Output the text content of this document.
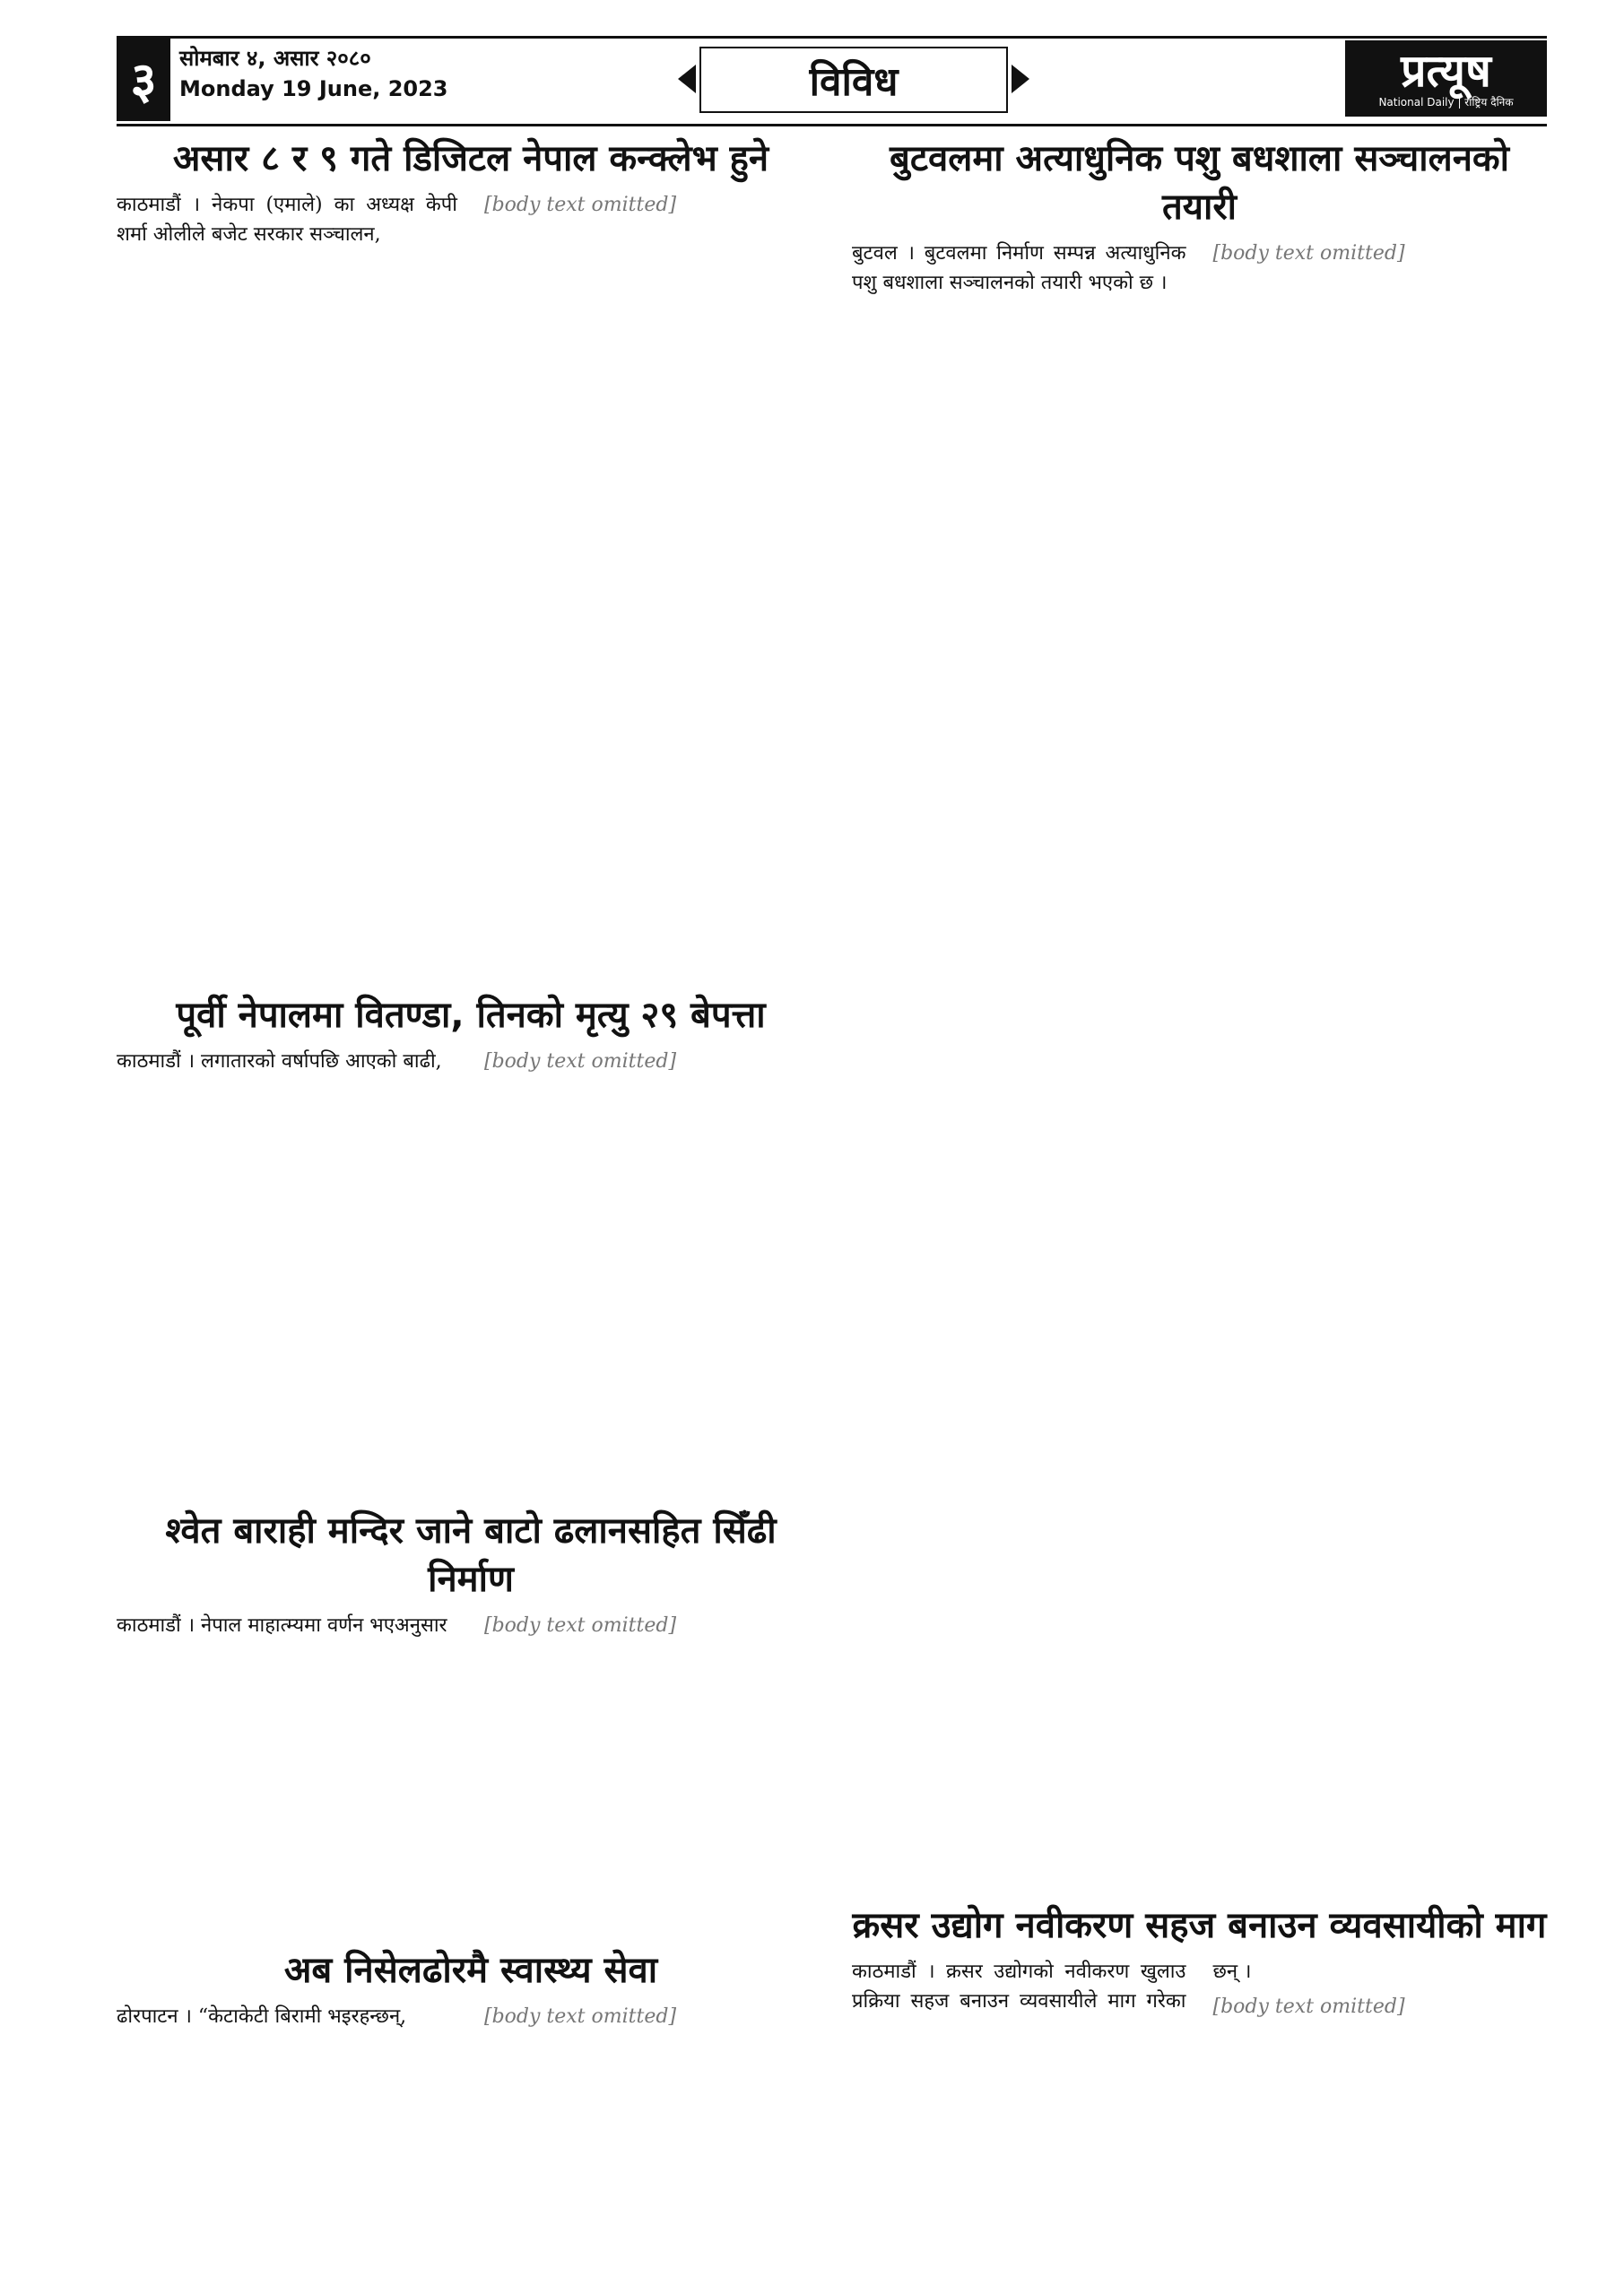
३	सोमबार ४, असार २०८०
Monday 19 June, 2023	विविध	प्रत्यूष
National Daily | राष्ट्रिय दैनिक
असार ८ र ९ गते डिजिटल नेपाल कन्क्लेभ हुने

काठमाडौं । नेकपा (एमाले) का अध्यक्ष केपी शर्मा ओलीले बजेट सरकार सञ्चालन,

[body text omitted]

बुटवलमा अत्याधुनिक पशु बधशाला सञ्चालनको तयारी

बुटवल । बुटवलमा निर्माण सम्पन्न अत्याधुनिक पशु बधशाला सञ्चालनको तयारी भएको छ ।

[body text omitted]

पूर्वी नेपालमा वितण्डा, तिनको मृत्यु २९ बेपत्ता

काठमाडौं । लगातारको वर्षापछि आएको बाढी,	[body text omitted]

श्वेत बाराही मन्दिर जाने बाटो ढलानसहित सिँढी निर्माण

काठमाडौं । नेपाल माहात्म्यमा वर्णन भएअनुसार	[body text omitted]

अब निसेलढोरमै स्वास्थ्य सेवा

ढोरपाटन । “केटाकेटी बिरामी भइरहन्छन्,	[body text omitted]

क्रसर उद्योग नवीकरण सहज बनाउन व्यवसायीको माग

काठमाडौं । क्रसर उद्योगको नवीकरण खुलाउ प्रक्रिया सहज बनाउन व्यवसायीले माग गरेका छन् ।

[body text omitted]
